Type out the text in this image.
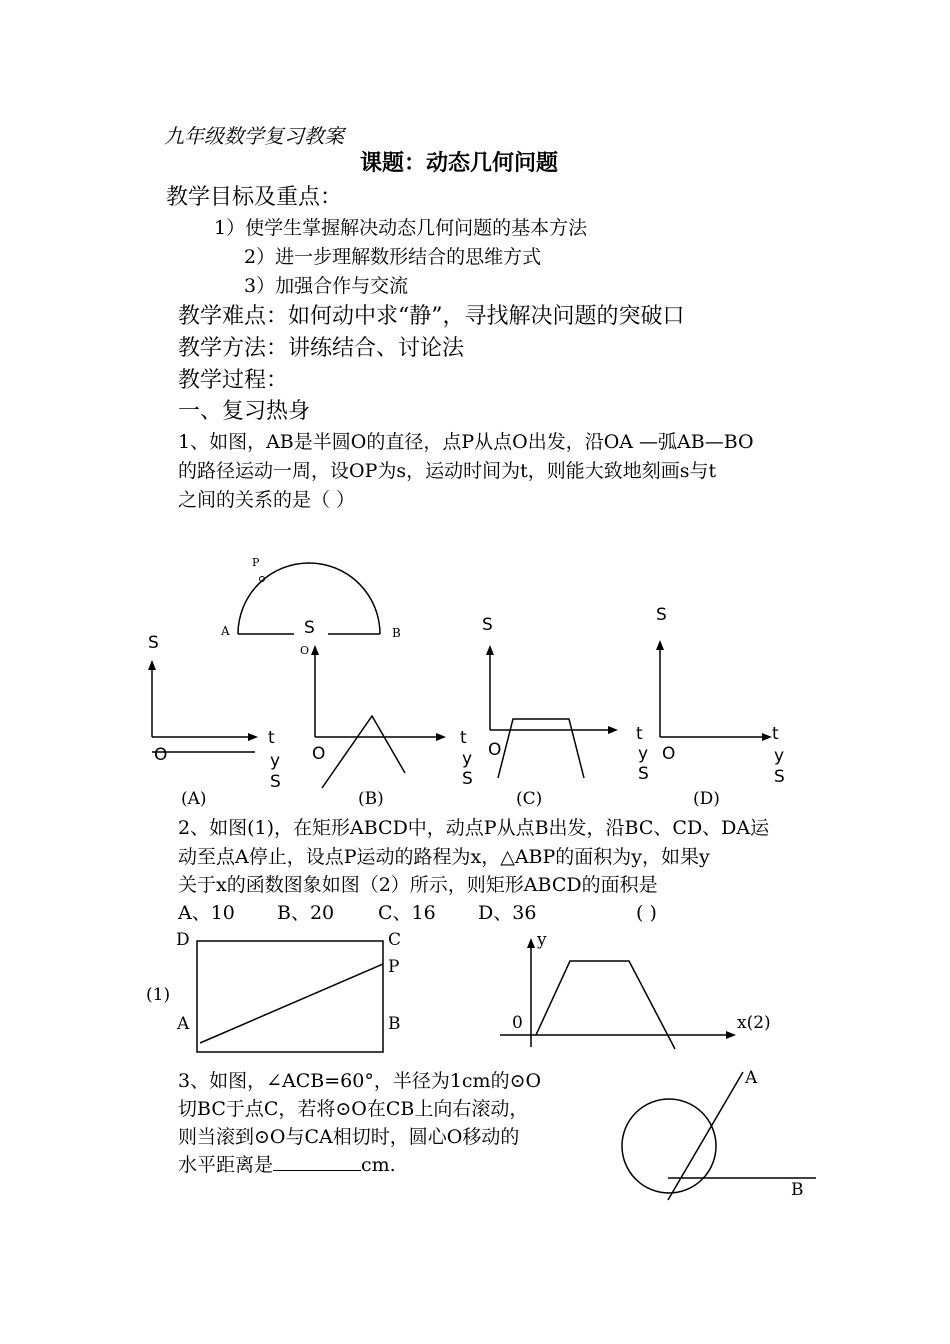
九年级数学复习教案
课题：动态几何问题
教学目标及重点：
1）使学生掌握解决动态几何问题的基本方法
2）进一步理解数形结合的思维方式
3）加强合作与交流
教学难点：如何动中求“静”，寻找解决问题的突破口
教学方法：讲练结合、讨论法
教学过程：
一、复习热身
1、如图，AB是半圆O的直径，点P从点O出发，沿OA —弧AB—BO
的路径运动一周，设OP为s，运动时间为t，则能大致地刻画s与t
之间的关系的是（ ）
P
A	B
O
S
O
t
y
S
S
O
t
y
S
S
O
t
y
S
S
O
t
y
S
(A)	(B)	(C)	(D)
2、如图(1)，在矩形ABCD中，动点P从点B出发，沿BC、CD、DA运
动至点A停止，设点P运动的路程为x，△ABP的面积为y，如果y
关于x的函数图象如图（2）所示，则矩形ABCD的面积是
A、10 B、20 C、16 D、36	( )
D	C
P
(1)
A	B
y
0	x(2)
3、如图，∠ACB=60°，半径为1cm的⊙O
切BC于点C，若将⊙O在CB上向右滚动，
则当滚到⊙O与CA相切时，圆心O移动的
水平距离是	cm.
A
B
